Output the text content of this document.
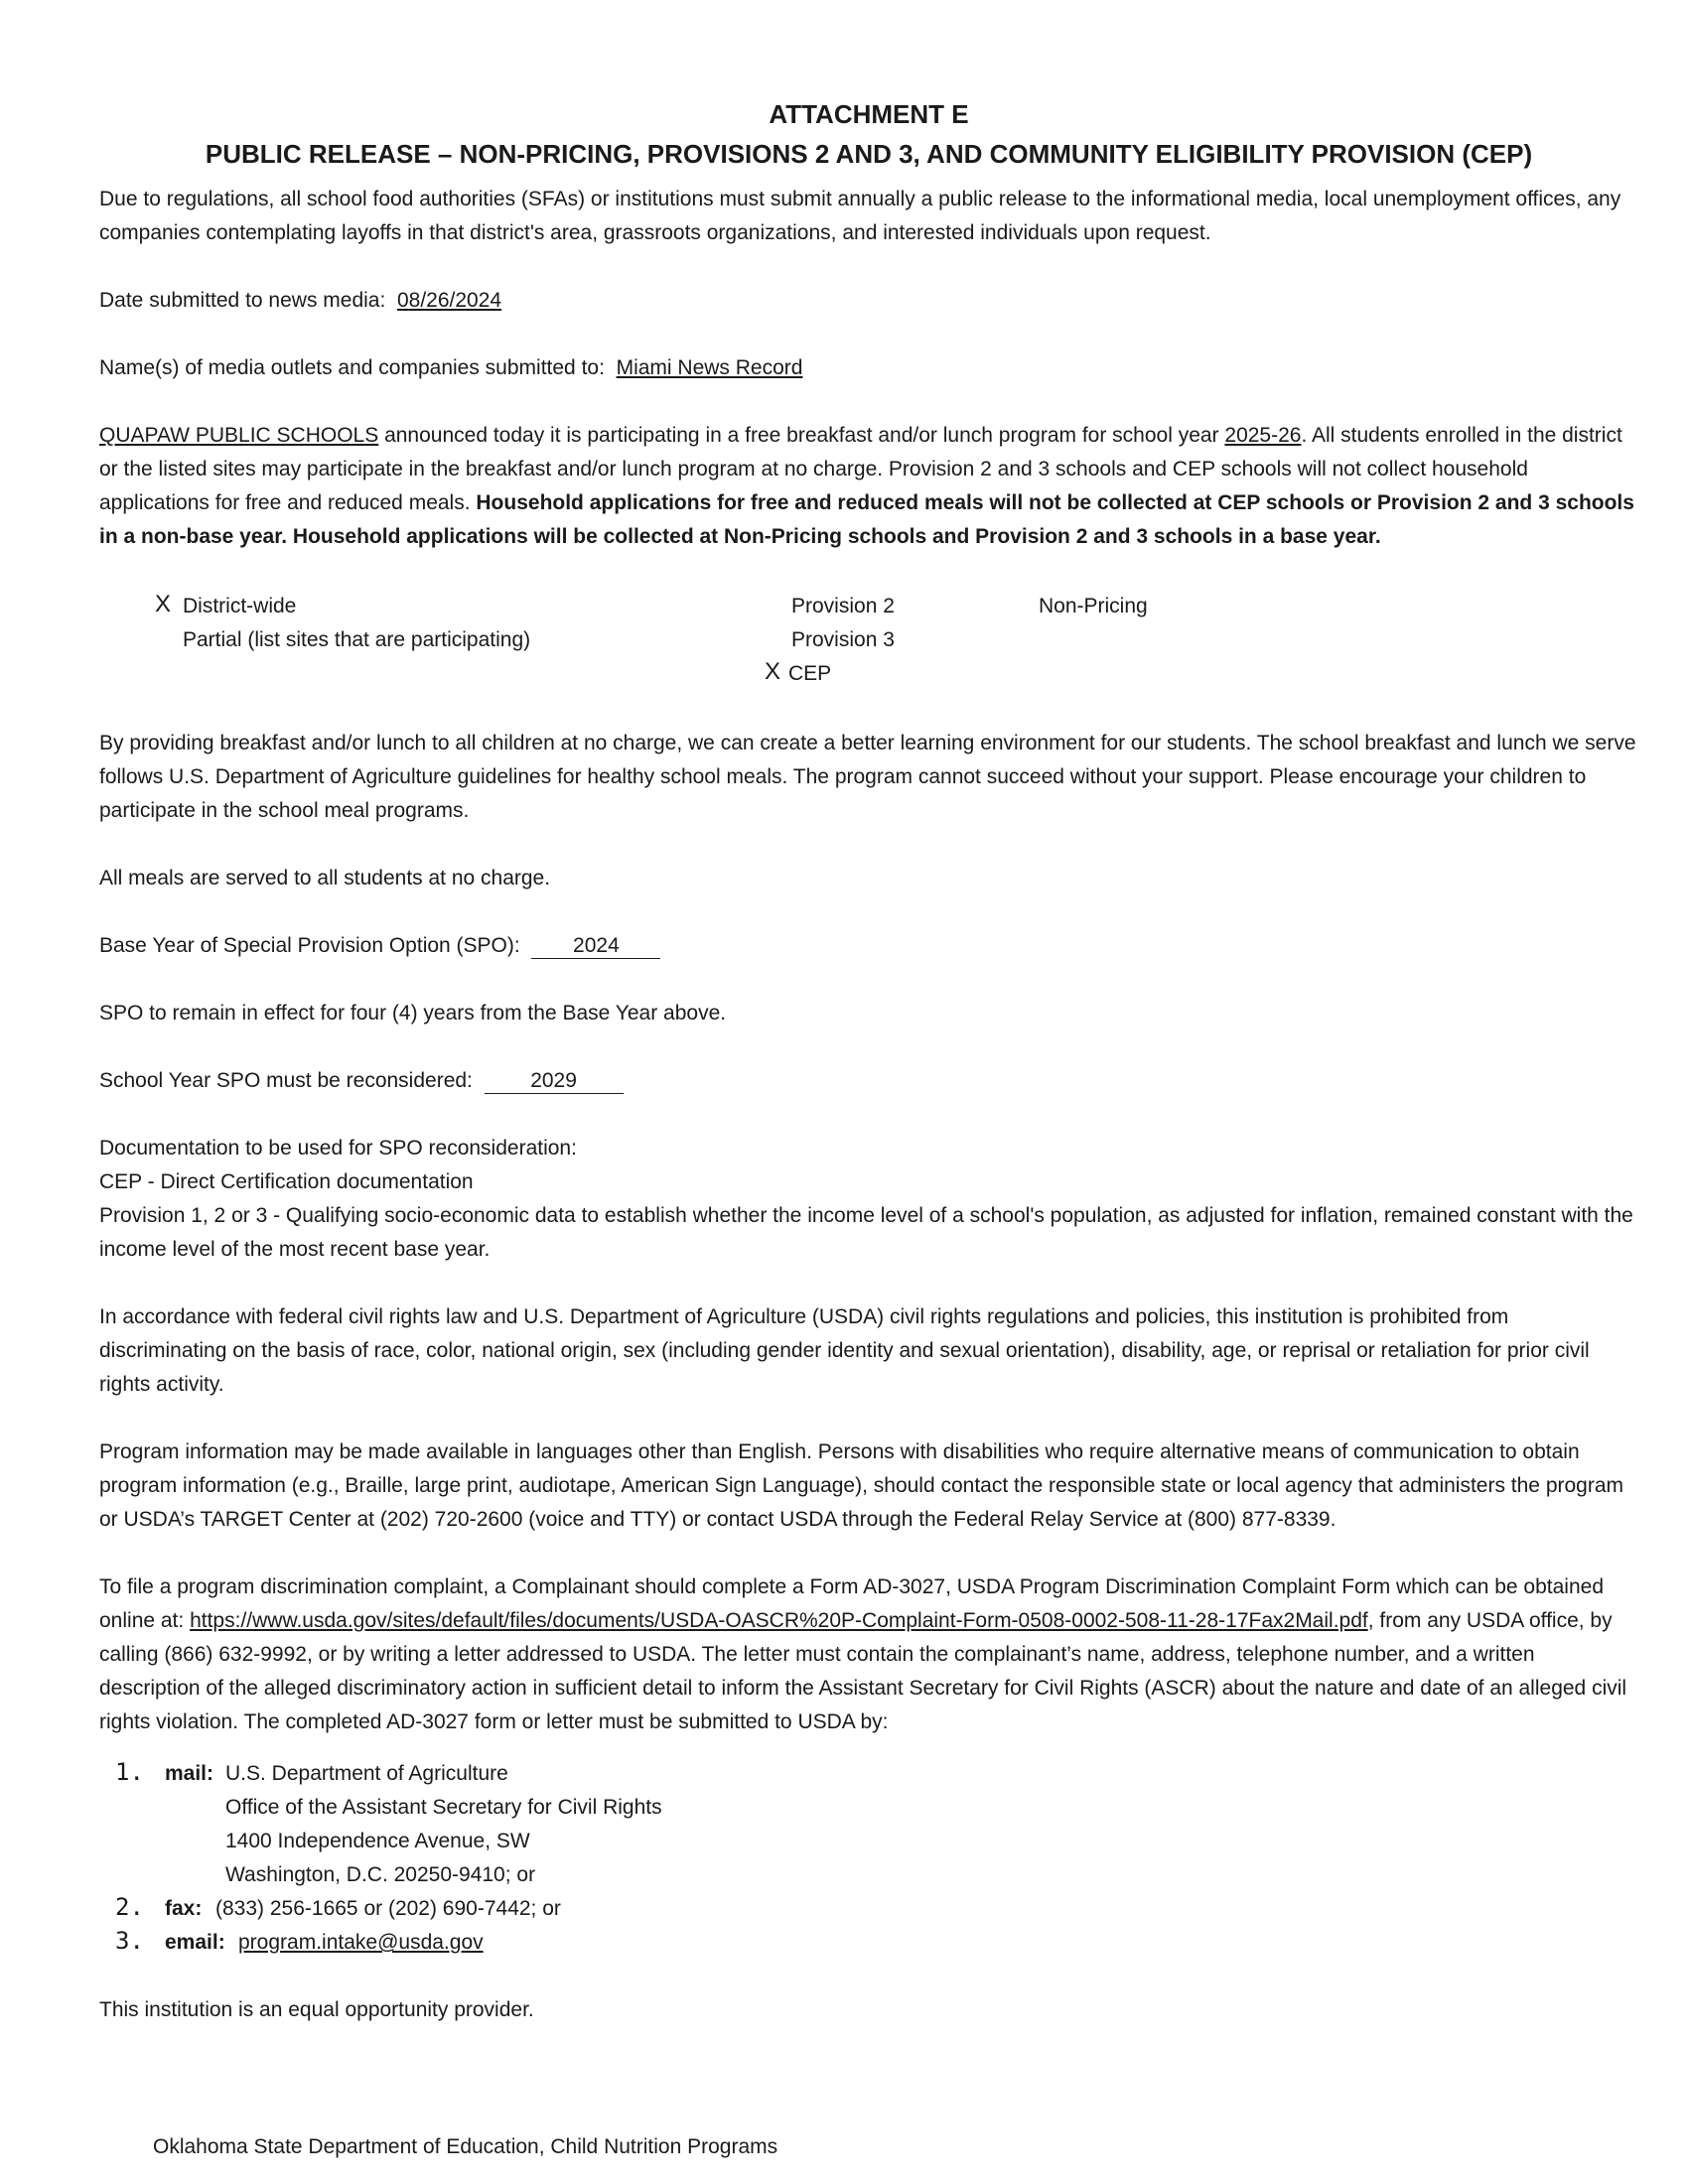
ATTACHMENT E
PUBLIC RELEASE – NON-PRICING, PROVISIONS 2 AND 3, AND COMMUNITY ELIGIBILITY PROVISION (CEP)
Due to regulations, all school food authorities (SFAs) or institutions must submit annually a public release to the informational media, local unemployment offices, any companies contemplating layoffs in that district's area, grassroots organizations, and interested individuals upon request.
Date submitted to news media: 08/26/2024
Name(s) of media outlets and companies submitted to: Miami News Record
QUAPAW PUBLIC SCHOOLS announced today it is participating in a free breakfast and/or lunch program for school year 2025-26. All students enrolled in the district or the listed sites may participate in the breakfast and/or lunch program at no charge. Provision 2 and 3 schools and CEP schools will not collect household applications for free and reduced meals. Household applications for free and reduced meals will not be collected at CEP schools or Provision 2 and 3 schools in a non-base year. Household applications will be collected at Non-Pricing schools and Provision 2 and 3 schools in a base year.
X District-wide
Partial (list sites that are participating)
Provision 2
Provision 3
X CEP
Non-Pricing
By providing breakfast and/or lunch to all children at no charge, we can create a better learning environment for our students. The school breakfast and lunch we serve follows U.S. Department of Agriculture guidelines for healthy school meals. The program cannot succeed without your support. Please encourage your children to participate in the school meal programs.
All meals are served to all students at no charge.
Base Year of Special Provision Option (SPO):	2024
SPO to remain in effect for four (4) years from the Base Year above.
School Year SPO must be reconsidered:	2029
Documentation to be used for SPO reconsideration:
CEP - Direct Certification documentation
Provision 1, 2 or 3 - Qualifying socio-economic data to establish whether the income level of a school's population, as adjusted for inflation, remained constant with the income level of the most recent base year.
In accordance with federal civil rights law and U.S. Department of Agriculture (USDA) civil rights regulations and policies, this institution is prohibited from discriminating on the basis of race, color, national origin, sex (including gender identity and sexual orientation), disability, age, or reprisal or retaliation for prior civil rights activity.
Program information may be made available in languages other than English. Persons with disabilities who require alternative means of communication to obtain program information (e.g., Braille, large print, audiotape, American Sign Language), should contact the responsible state or local agency that administers the program or USDA’s TARGET Center at (202) 720-2600 (voice and TTY) or contact USDA through the Federal Relay Service at (800) 877-8339.
To file a program discrimination complaint, a Complainant should complete a Form AD-3027, USDA Program Discrimination Complaint Form which can be obtained online at: https://www.usda.gov/sites/default/files/documents/USDA-OASCR%20P-Complaint-Form-0508-0002-508-11-28-17Fax2Mail.pdf, from any USDA office, by calling (866) 632-9992, or by writing a letter addressed to USDA. The letter must contain the complainant’s name, address, telephone number, and a written description of the alleged discriminatory action in sufficient detail to inform the Assistant Secretary for Civil Rights (ASCR) about the nature and date of an alleged civil rights violation. The completed AD-3027 form or letter must be submitted to USDA by:
1. mail: U.S. Department of Agriculture
Office of the Assistant Secretary for Civil Rights
1400 Independence Avenue, SW
Washington, D.C. 20250-9410; or
2. fax: (833) 256-1665 or (202) 690-7442; or
3. email: program.intake@usda.gov
This institution is an equal opportunity provider.
Oklahoma State Department of Education, Child Nutrition Programs
